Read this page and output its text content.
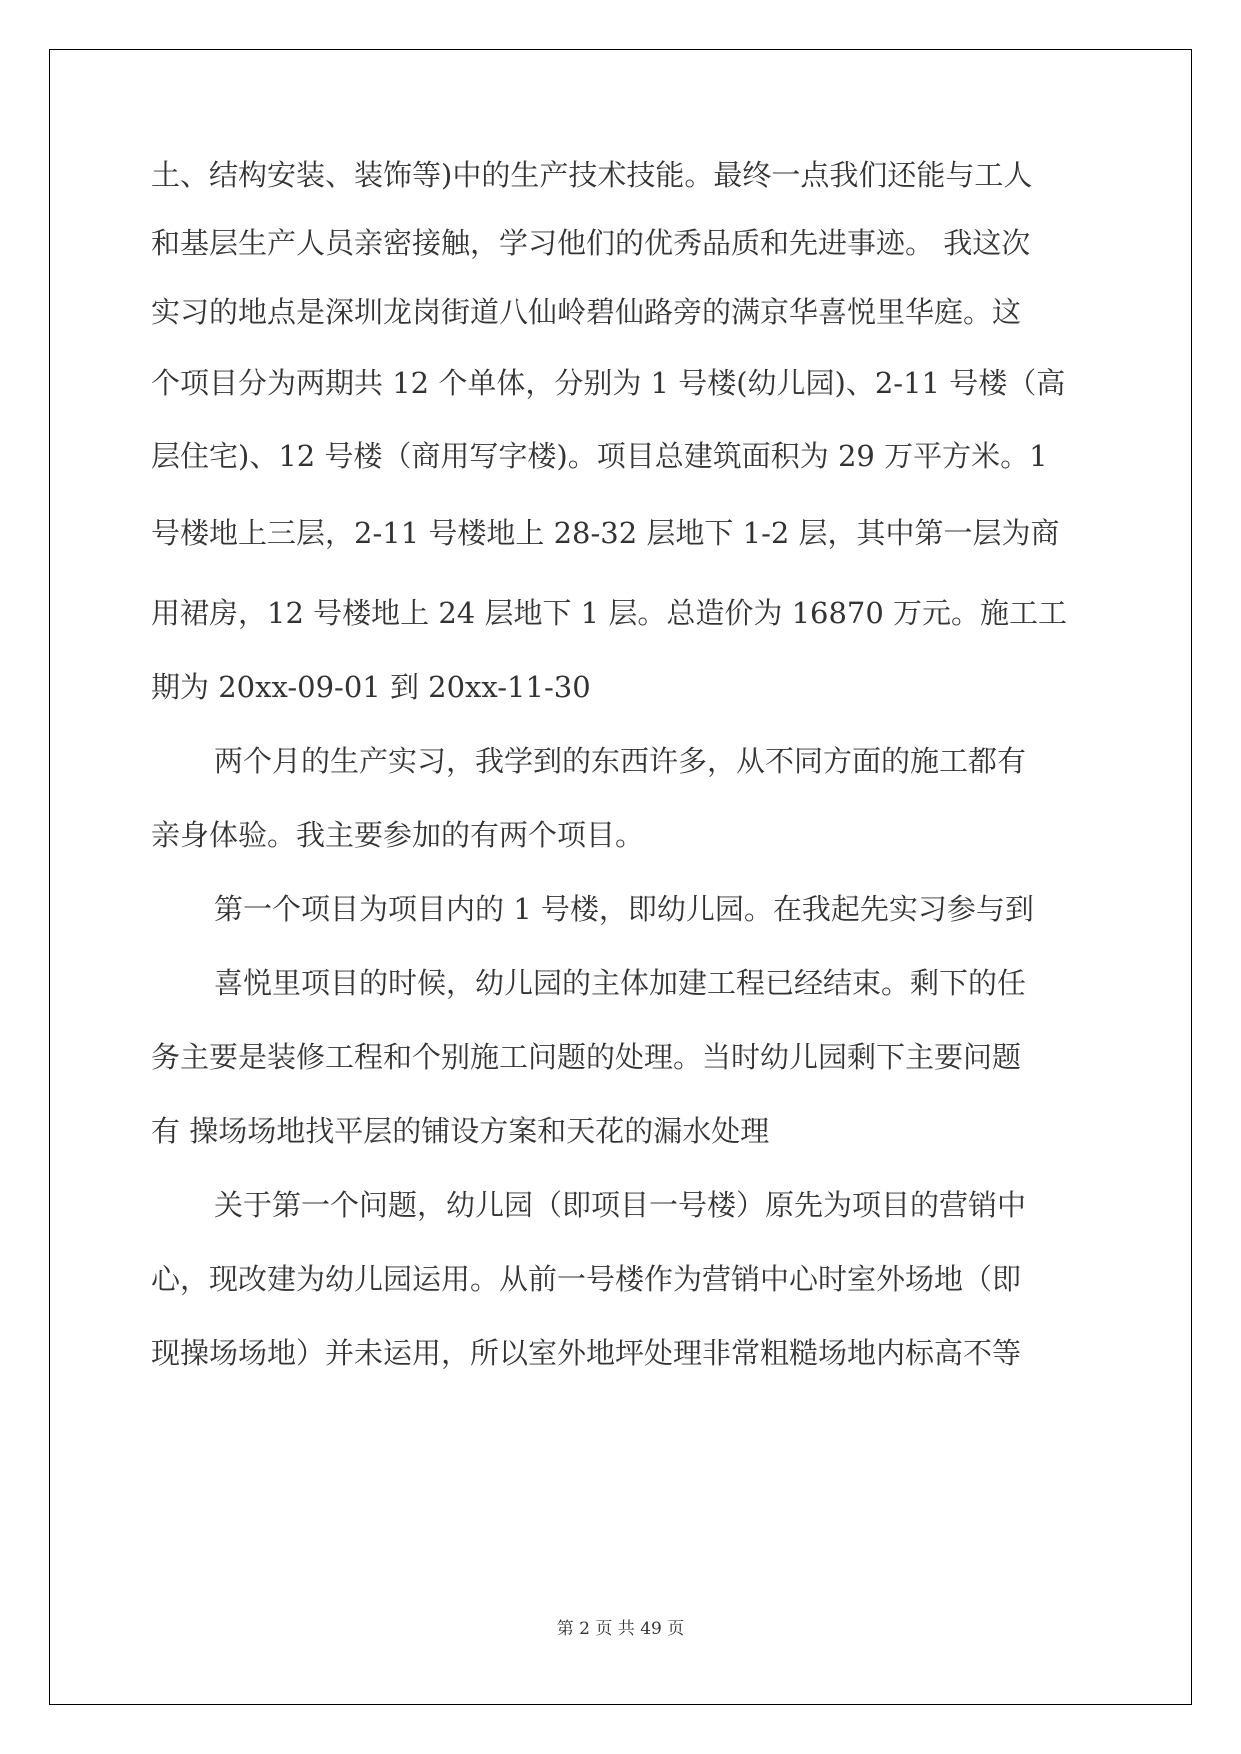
土、结构安装、装饰等)中的生产技术技能。最终一点我们还能与工人
和基层生产人员亲密接触，学习他们的优秀品质和先进事迹。 我这次
实习的地点是深圳龙岗街道八仙岭碧仙路旁的满京华喜悦里华庭。这
个项目分为两期共 12 个单体，分别为 1 号楼(幼儿园)、2-11 号楼（高
层住宅)、12 号楼（商用写字楼)。项目总建筑面积为 29 万平方米。1
号楼地上三层，2-11 号楼地上 28-32 层地下 1-2 层，其中第一层为商
用裙房，12 号楼地上 24 层地下 1 层。总造价为 16870 万元。施工工
期为 20xx-09-01 到 20xx-11-30
两个月的生产实习，我学到的东西许多，从不同方面的施工都有
亲身体验。我主要参加的有两个项目。
第一个项目为项目内的 1 号楼，即幼儿园。在我起先实习参与到
喜悦里项目的时候，幼儿园的主体加建工程已经结束。剩下的任
务主要是装修工程和个别施工问题的处理。当时幼儿园剩下主要问题
有 操场场地找平层的铺设方案和天花的漏水处理
关于第一个问题，幼儿园（即项目一号楼）原先为项目的营销中
心，现改建为幼儿园运用。从前一号楼作为营销中心时室外场地（即
现操场场地）并未运用，所以室外地坪处理非常粗糙场地内标高不等
第 2 页 共 49 页
